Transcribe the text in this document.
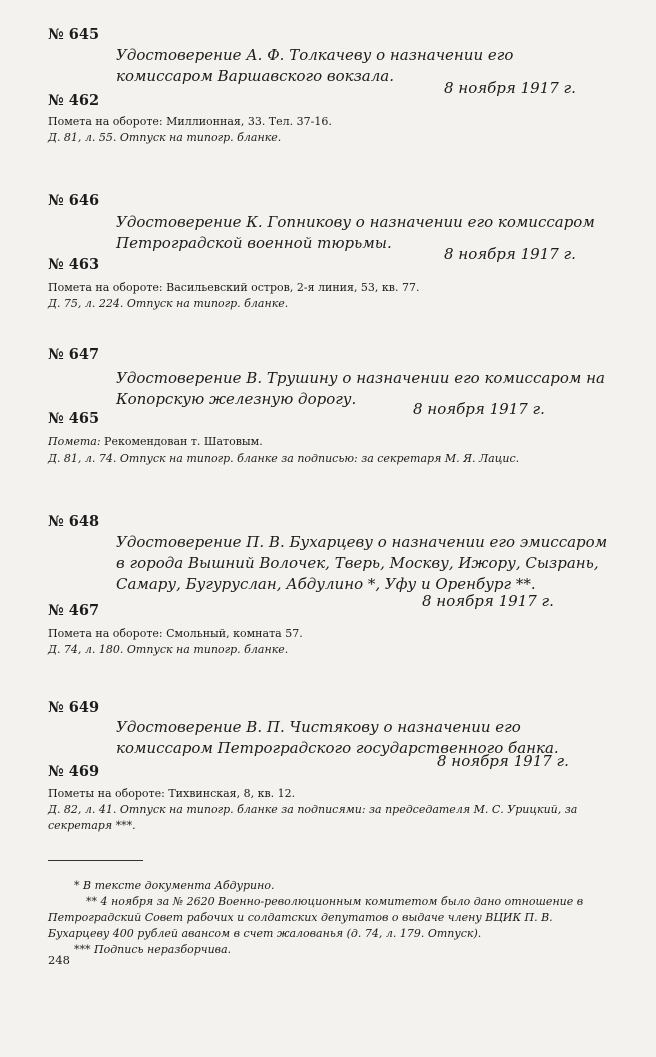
№ 645
Удостоверение А. Ф. Толкачеву о назначении его комиссаром Варшавского вокзала.
8 ноября 1917 г.
№ 462
Помета на обороте: Миллионная, 33. Тел. 37-16.
Д. 81, л. 55. Отпуск на типогр. бланке.
№ 646
Удостоверение К. Гопникову о назначении его комиссаром Петроградской военной тюрьмы.
8 ноября 1917 г.
№ 463
Помета на обороте: Васильевский остров, 2-я линия, 53, кв. 77.
Д. 75, л. 224. Отпуск на типогр. бланке.
№ 647
Удостоверение В. Трушину о назначении его комиссаром на Копорскую железную дорогу.
8 ноября 1917 г.
№ 465
Помета: Рекомендован т. Шатовым.
Д. 81, л. 74. Отпуск на типогр. бланке за подписью: за секретаря М. Я. Лацис.
№ 648
Удостоверение П. В. Бухарцеву о назначении его эмиссаром в города Вышний Волочек, Тверь, Москву, Ижору, Сызрань, Самару, Бугуруслан, Абдулино *, Уфу и Оренбург **.
8 ноября 1917 г.
№ 467
Помета на обороте: Смольный, комната 57.
Д. 74, л. 180. Отпуск на типогр. бланке.
№ 649
Удостоверение В. П. Чистякову о назначении его комиссаром Петроградского государственного банка.
8 ноября 1917 г.
№ 469
Пометы на обороте: Тихвинская, 8, кв. 12.
Д. 82, л. 41. Отпуск на типогр. бланке за подписями: за председателя М. С. Урицкий, за секретаря ***.
* В тексте документа Абдурино.
** 4 ноября за № 2620 Военно-революционным комитетом было дано отношение в Петроградский Совет рабочих и солдатских депутатов о выдаче члену ВЦИК П. В. Бухарцеву 400 рублей авансом в счет жалованья (д. 74, л. 179. Отпуск).
*** Подпись неразборчива.
248
